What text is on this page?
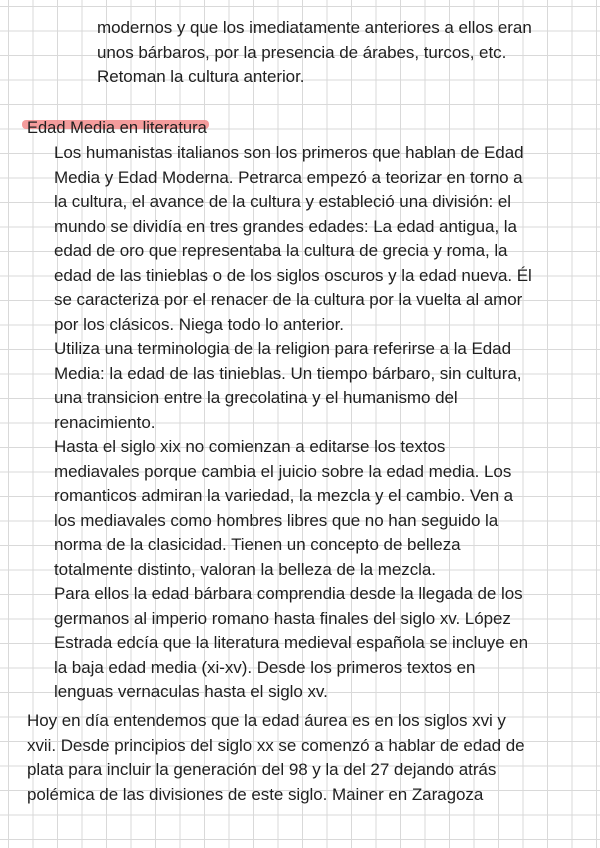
modernos y que los imediatamente anteriores a ellos eran
unos bárbaros, por la presencia de árabes, turcos, etc.
Retoman la cultura anterior.
Edad Media en literatura
Los humanistas italianos son los primeros que hablan de Edad
Media y Edad Moderna. Petrarca empezó a teorizar en torno a
la cultura, el avance de la cultura y estableció una división: el
mundo se dividía en tres grandes edades: La edad antigua, la
edad de oro que representaba la cultura de grecia y roma, la
edad de las tinieblas o de los siglos oscuros y la edad nueva. Él
se caracteriza por el renacer de la cultura por la vuelta al amor
por los clásicos. Niega todo lo anterior.
Utiliza una terminologia de la religion para referirse a la Edad
Media: la edad de las tinieblas. Un tiempo bárbaro, sin cultura,
una transicion entre la grecolatina y el humanismo del
renacimiento.
Hasta el siglo xix no comienzan a editarse los textos
mediavales porque cambia el juicio sobre la edad media. Los
romanticos admiran la variedad, la mezcla y el cambio. Ven a
los mediavales como hombres libres que no han seguido la
norma de la clasicidad. Tienen un concepto de belleza
totalmente distinto, valoran la belleza de la mezcla.
Para ellos la edad bárbara comprendia desde la llegada de los
germanos al imperio romano hasta finales del siglo xv. López
Estrada edcía que la literatura medieval española se incluye en
la baja edad media (xi-xv). Desde los primeros textos en
lenguas vernaculas hasta el siglo xv.
Hoy en día entendemos que la edad áurea es en los siglos xvi y
xvii. Desde principios del siglo xx se comenzó a hablar de edad de
plata para incluir la generación del 98 y la del 27 dejando atrás
polémica de las divisiones de este siglo. Mainer en Zaragoza
